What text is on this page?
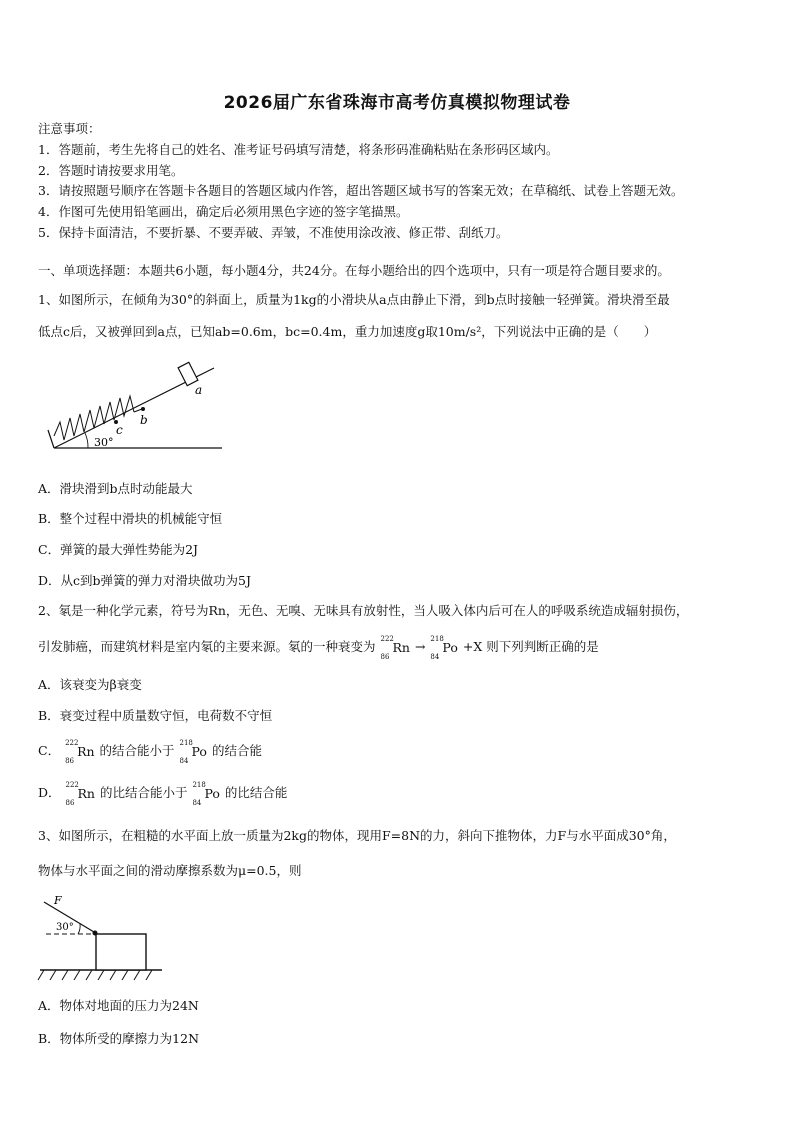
2026届广东省珠海市高考仿真模拟物理试卷
注意事项：
1．答题前，考生先将自己的姓名、准考证号码填写清楚，将条形码准确粘贴在条形码区域内。
2．答题时请按要求用笔。
3．请按照题号顺序在答题卡各题目的答题区域内作答，超出答题区域书写的答案无效；在草稿纸、试卷上答题无效。
4．作图可先使用铅笔画出，确定后必须用黑色字迹的签字笔描黑。
5．保持卡面清洁，不要折暴、不要弄破、弄皱，不准使用涂改液、修正带、刮纸刀。
一、单项选择题：本题共6小题，每小题4分，共24分。在每小题给出的四个选项中，只有一项是符合题目要求的。
1、如图所示，在倾角为30°的斜面上，质量为1kg的小滑块从a点由静止下滑，到b点时接触一轻弹簧。滑块滑至最
低点c后，又被弹回到a点，已知ab=0.6m，bc=0.4m，重力加速度g取10m/s²，下列说法中正确的是（　　）
a
b
c
30°
A．滑块滑到b点时动能最大
B．整个过程中滑块的机械能守恒
C．弹簧的最大弹性势能为2J
D．从c到b弹簧的弹力对滑块做功为5J
2、氡是一种化学元素，符号为Rn，无色、无嗅、无味具有放射性，当人吸入体内后可在人的呼吸系统造成辐射损伤，
引发肺癌，而建筑材料是室内氡的主要来源。氡的一种衰变为
222
86
Rn →
218
84
Po +X 则下列判断正确的是
A．该衰变为β衰变
B．衰变过程中质量数守恒，电荷数不守恒
C．
222
86
Rn 的结合能小于
218
84
Po 的结合能
D．
222
86
Rn 的比结合能小于
218
84
Po 的比结合能
3、如图所示，在粗糙的水平面上放一质量为2kg的物体，现用F=8N的力，斜向下推物体，力F与水平面成30°角，
物体与水平面之间的滑动摩擦系数为μ=0.5，则
F
30°
A．物体对地面的压力为24N
B．物体所受的摩擦力为12N
